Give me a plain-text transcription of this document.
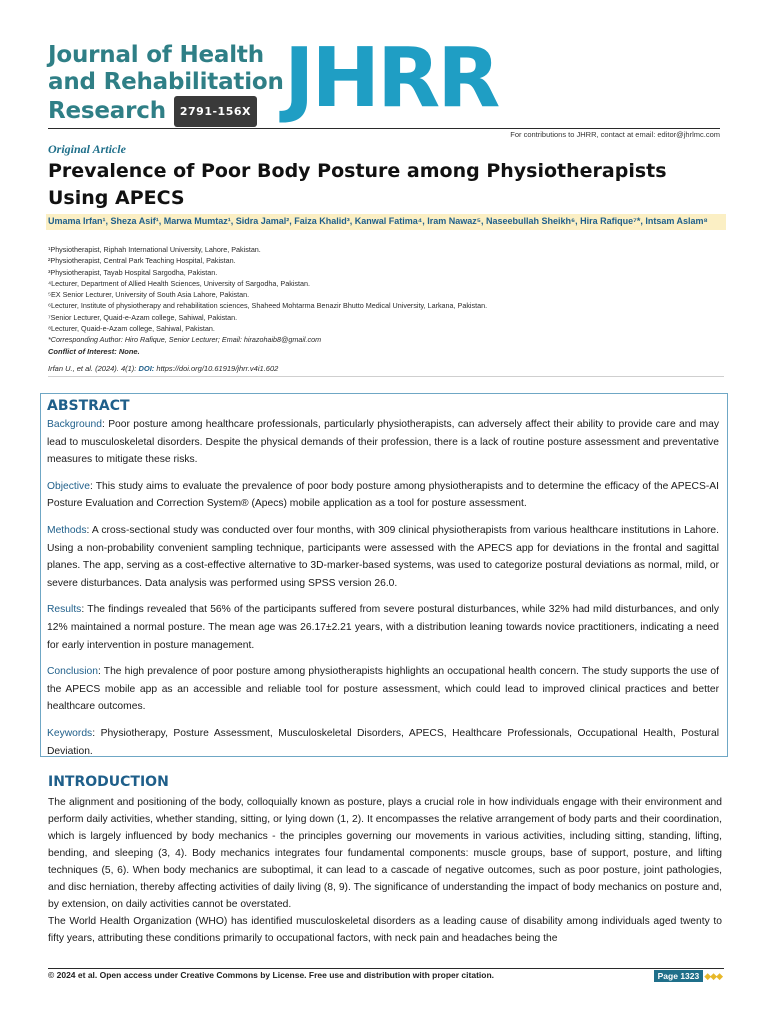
Journal of Health
and Rehabilitation
Research	2791-156X JHRR
For contributions to JHRR, contact at email: editor@jhrlmc.com
Original Article
Prevalence of Poor Body Posture among Physiotherapists Using APECS
Umama Irfan¹, Sheza Asif¹, Marwa Mumtaz¹, Sidra Jamal², Faiza Khalid³, Kanwal Fatima⁴, Iram Nawaz⁵, Naseebullah Sheikh⁶, Hira Rafique⁷*, Intsam Aslam⁸
¹Physiotherapist, Riphah International University, Lahore, Pakistan.
²Physiotherapist, Central Park Teaching Hospital, Pakistan.
³Physiotherapist, Tayab Hospital Sargodha, Pakistan.
⁴Lecturer, Department of Allied Health Sciences, University of Sargodha, Pakistan.
⁵EX Senior Lecturer, University of South Asia Lahore, Pakistan.
⁶Lecturer, Institute of physiotherapy and rehabilitation sciences, Shaheed Mohtarma Benazir Bhutto Medical University, Larkana, Pakistan.
⁷Senior Lecturer, Quaid-e-Azam college, Sahiwal, Pakistan.
⁸Lecturer, Quaid-e-Azam college, Sahiwal, Pakistan.
*Corresponding Author: Hiro Rafique, Senior Lecturer; Email: hirazohaib8@gmail.com
Conflict of Interest: None.
Irfan U., et al. (2024). 4(1): DOI: https://doi.org/10.61919/jhrr.v4i1.602
ABSTRACT

Background: Poor posture among healthcare professionals, particularly physiotherapists, can adversely affect their ability to provide care and may lead to musculoskeletal disorders. Despite the physical demands of their profession, there is a lack of routine posture assessment and preventative measures to mitigate these risks.

Objective: This study aims to evaluate the prevalence of poor body posture among physiotherapists and to determine the efficacy of the APECS-AI Posture Evaluation and Correction System® (Apecs) mobile application as a tool for posture assessment.

Methods: A cross-sectional study was conducted over four months, with 309 clinical physiotherapists from various healthcare institutions in Lahore. Using a non-probability convenient sampling technique, participants were assessed with the APECS app for deviations in the frontal and sagittal planes. The app, serving as a cost-effective alternative to 3D-marker-based systems, was used to categorize postural deviations as normal, mild, or severe disturbances. Data analysis was performed using SPSS version 26.0.

Results: The findings revealed that 56% of the participants suffered from severe postural disturbances, while 32% had mild disturbances, and only 12% maintained a normal posture. The mean age was 26.17±2.21 years, with a distribution leaning towards novice practitioners, indicating a need for early intervention in posture management.

Conclusion: The high prevalence of poor posture among physiotherapists highlights an occupational health concern. The study supports the use of the APECS mobile app as an accessible and reliable tool for posture assessment, which could lead to improved clinical practices and better healthcare outcomes.

Keywords: Physiotherapy, Posture Assessment, Musculoskeletal Disorders, APECS, Healthcare Professionals, Occupational Health, Postural Deviation.

INTRODUCTION

The alignment and positioning of the body, colloquially known as posture, plays a crucial role in how individuals engage with their environment and perform daily activities, whether standing, sitting, or lying down (1, 2). It encompasses the relative arrangement of body parts and their coordination, which is largely influenced by body mechanics - the principles governing our movements in various activities, including sitting, standing, lifting, bending, and sleeping (3, 4). Body mechanics integrates four fundamental components: muscle groups, base of support, posture, and lifting techniques (5, 6). When body mechanics are suboptimal, it can lead to a cascade of negative outcomes, such as poor posture, joint pathologies, and disc herniation, thereby affecting activities of daily living (8, 9). The significance of understanding the impact of body mechanics on posture and, by extension, on daily activities cannot be overstated.

The World Health Organization (WHO) has identified musculoskeletal disorders as a leading cause of disability among individuals aged twenty to fifty years, attributing these conditions primarily to occupational factors, with neck pain and headaches being the

© 2024 et al. Open access under Creative Commons by License. Free use and distribution with proper citation.	Page 1323 ◆◆◆
